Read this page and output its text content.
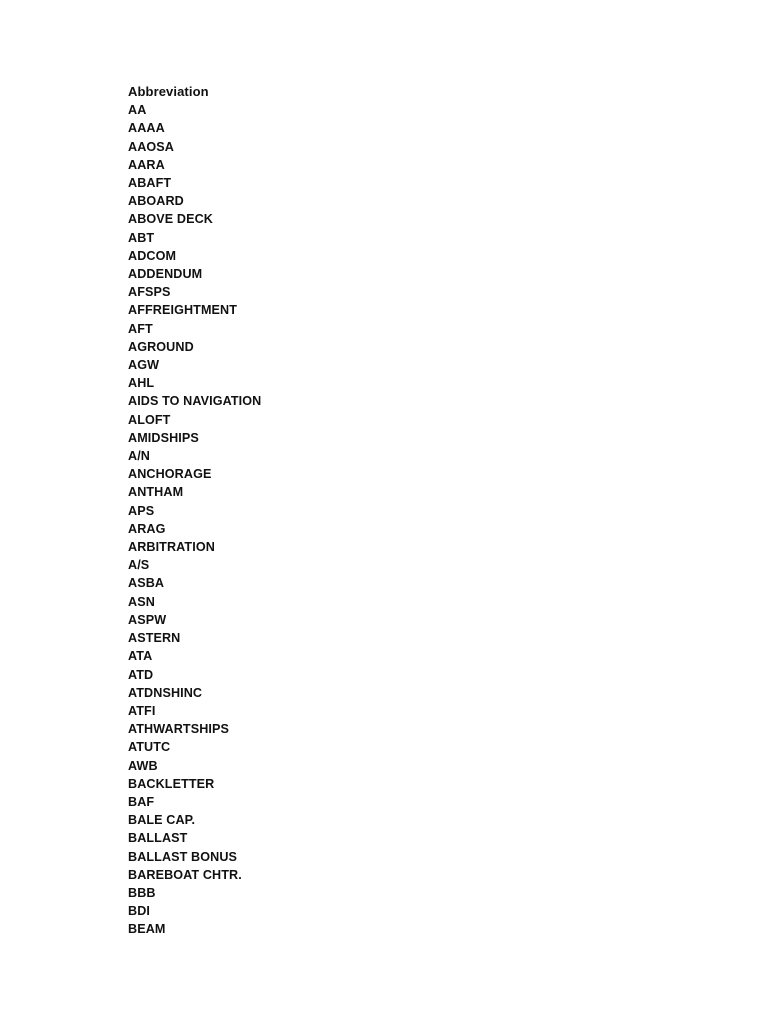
Abbreviation
AA
AAAA
AAOSA
AARA
ABAFT
ABOARD
ABOVE DECK
ABT
ADCOM
ADDENDUM
AFSPS
AFFREIGHTMENT
AFT
AGROUND
AGW
AHL
AIDS TO NAVIGATION
ALOFT
AMIDSHIPS
A/N
ANCHORAGE
ANTHAM
APS
ARAG
ARBITRATION
A/S
ASBA
ASN
ASPW
ASTERN
ATA
ATD
ATDNSHINC
ATFI
ATHWARTSHIPS
ATUTC
AWB
BACKLETTER
BAF
BALE CAP.
BALLAST
BALLAST BONUS
BAREBOAT CHTR.
BBB
BDI
BEAM
